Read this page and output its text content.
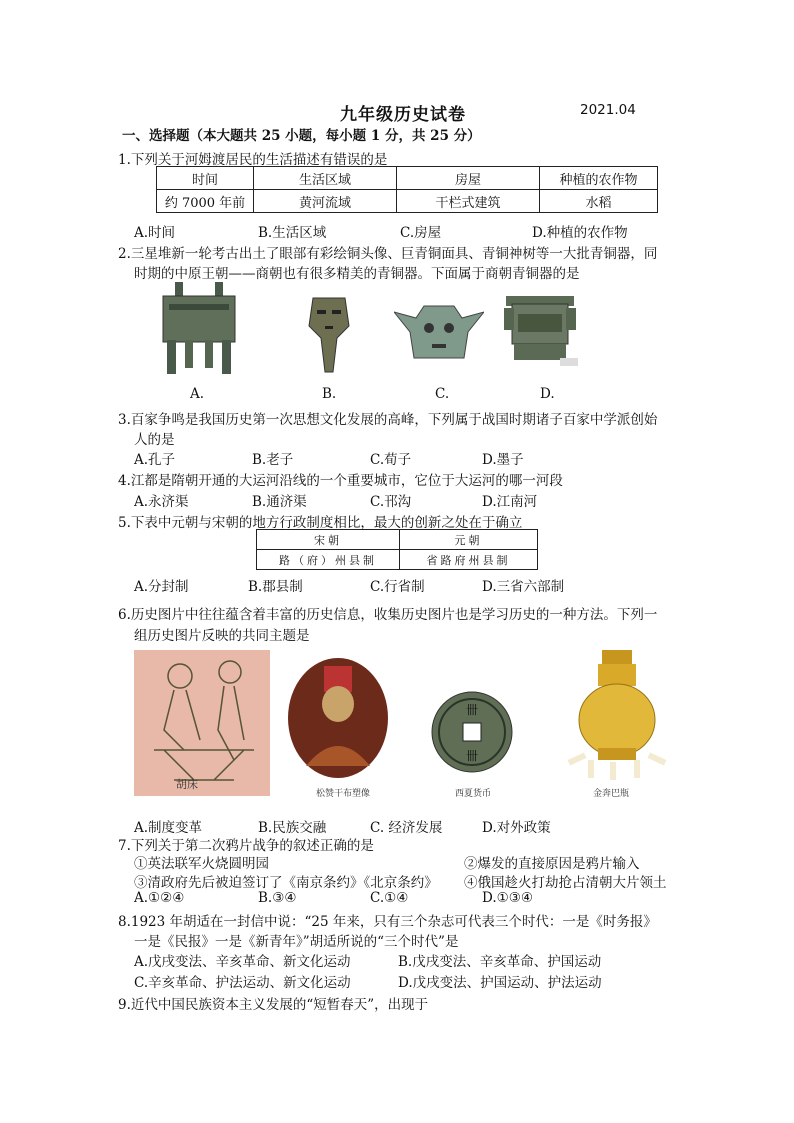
九年级历史试卷	2021.04
一、选择题（本大题共 25 小题，每小题 1 分，共 25 分）
1.下列关于河姆渡居民的生活描述有错误的是
时间	生活区域	房屋	种植的农作物
约 7000 年前	黄河流域	干栏式建筑	水稻
A.时间	B.生活区域	C.房屋	D.种植的农作物
2.三星堆新一轮考古出土了眼部有彩绘铜头像、巨青铜面具、青铜神树等一大批青铜器，同
时期的中原王朝——商朝也有很多精美的青铜器。下面属于商朝青铜器的是
A.	B.	C.	D.
3.百家争鸣是我国历史第一次思想文化发展的高峰，下列属于战国时期诸子百家中学派创始
人的是
A.孔子	B.老子	C.荀子	D.墨子
4.江都是隋朝开通的大运河沿线的一个重要城市，它位于大运河的哪一河段
A.永济渠	B.通济渠	C.邗沟	D.江南河
5.下表中元朝与宋朝的地方行政制度相比，最大的创新之处在于确立
宋朝	元朝
路（府）州县制	省路府州县制
A.分封制	B.郡县制	C.行省制	D.三省六部制
6.历史图片中往往蕴含着丰富的历史信息，收集历史图片也是学习历史的一种方法。下列一
组历史图片反映的共同主题是
胡床
松赞干布塑像
卌
卌
西夏货币	金奔巴瓶
A.制度变革	B.民族交融	C. 经济发展	D.对外政策
7.下列关于第二次鸦片战争的叙述正确的是
①英法联军火烧圆明园	②爆发的直接原因是鸦片输入
③清政府先后被迫签订了《南京条约》《北京条约》 ④俄国趁火打劫抢占清朝大片领土
A.①②④	B.③④	C.①④	D.①③④
8.1923 年胡适在一封信中说：“25 年来，只有三个杂志可代表三个时代：一是《时务报》
一是《民报》一是《新青年》”胡适所说的“三个时代”是
A.戊戌变法、辛亥革命、新文化运动	B.戊戌变法、辛亥革命、护国运动
C.辛亥革命、护法运动、新文化运动	D.戊戌变法、护国运动、护法运动
9.近代中国民族资本主义发展的“短暂春天”，出现于
